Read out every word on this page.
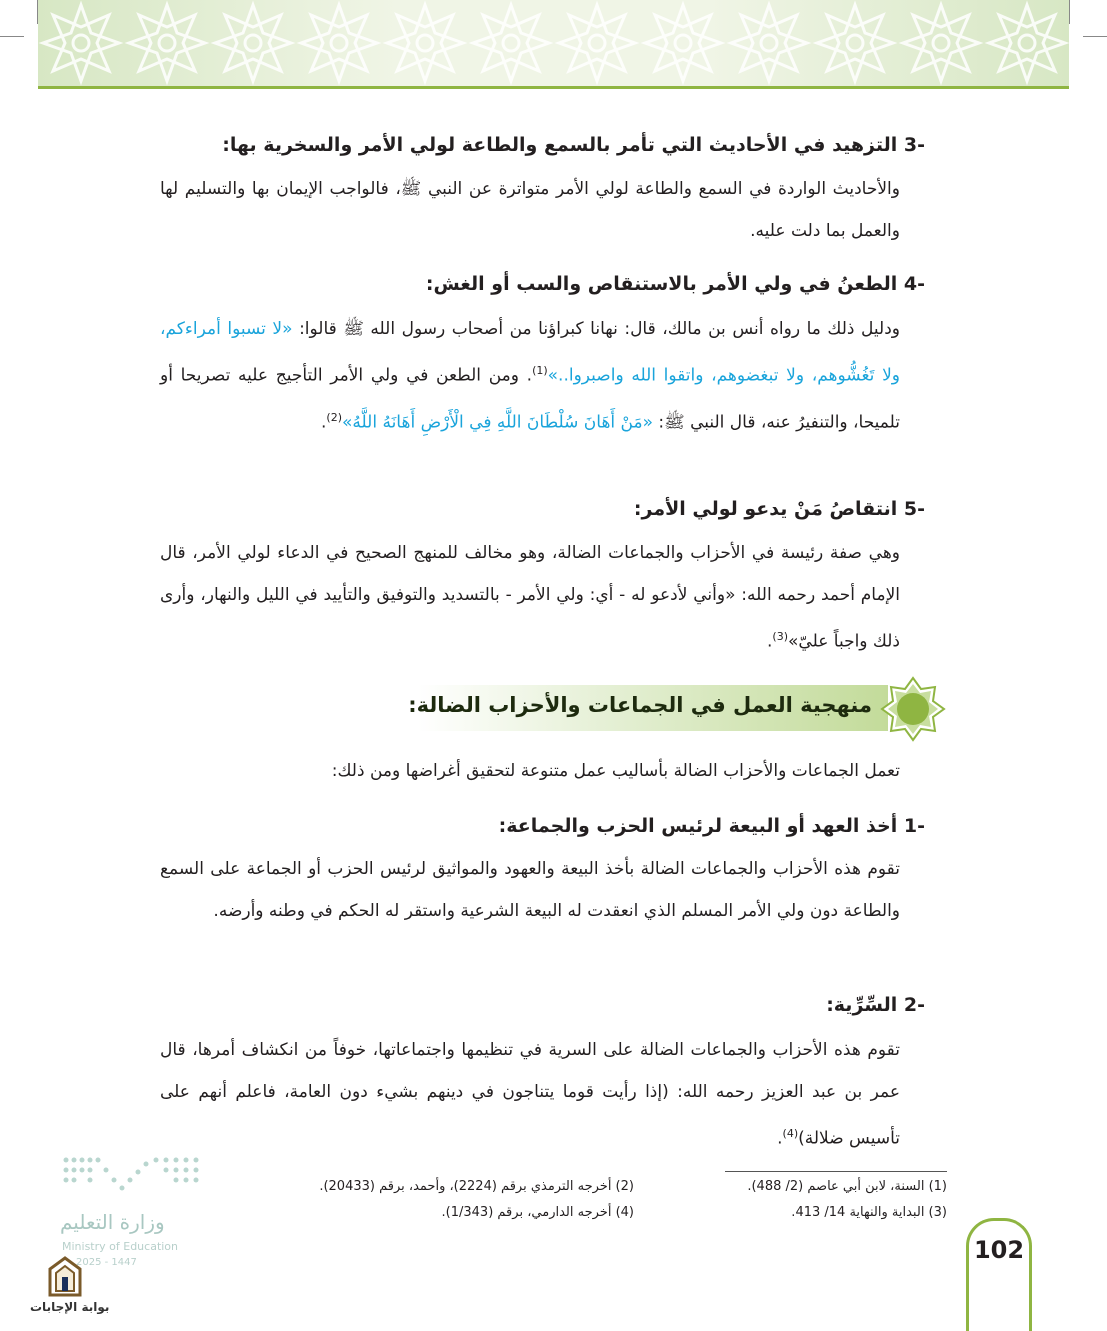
-3 التزهيد في الأحاديث التي تأمر بالسمع والطاعة لولي الأمر والسخرية بها:
والأحاديث الواردة في السمع والطاعة لولي الأمر متواترة عن النبي ﷺ، فالواجب الإيمان بها والتسليم لها والعمل بما دلت عليه.
-4 الطعنُ في ولي الأمر بالاستنقاص والسب أو الغش:
ودليل ذلك ما رواه أنس بن مالك، قال: نهانا كبراؤنا من أصحاب رسول الله ﷺ قالوا: «لا تسبوا أمراءكم، ولا تَغُشُّوهم، ولا تبغضوهم، واتقوا الله واصبروا..»$^{(1)}$. ومن الطعن في ولي الأمر التأجيج عليه تصريحا أو تلميحا، والتنفيرُ عنه، قال النبي ﷺ: «مَنْ أَهَانَ سُلْطَانَ اللَّهِ فِي الْأَرْضِ أَهَانَهُ اللَّهُ»$^{(2)}$.
-5 انتقاصُ مَنْ يدعو لولي الأمر:
وهي صفة رئيسة في الأحزاب والجماعات الضالة، وهو مخالف للمنهج الصحيح في الدعاء لولي الأمر، قال الإمام أحمد رحمه الله: «وأني لأدعو له - أي: ولي الأمر - بالتسديد والتوفيق والتأييد في الليل والنهار، وأرى ذلك واجباً عليّ»$^{(3)}$.
منهجية العمل في الجماعات والأحزاب الضالة:
تعمل الجماعات والأحزاب الضالة بأساليب عمل متنوعة لتحقيق أغراضها ومن ذلك:
-1 أخذ العهد أو البيعة لرئيس الحزب والجماعة:
تقوم هذه الأحزاب والجماعات الضالة بأخذ البيعة والعهود والمواثيق لرئيس الحزب أو الجماعة على السمع والطاعة دون ولي الأمر المسلم الذي انعقدت له البيعة الشرعية واستقر له الحكم في وطنه وأرضه.
-2 السِّرِّية:
تقوم هذه الأحزاب والجماعات الضالة على السرية في تنظيمها واجتماعاتها، خوفاً من انكشاف أمرها، قال عمر بن عبد العزيز رحمه الله: (إذا رأيت قوما يتناجون في دينهم بشيء دون العامة، فاعلم أنهم على تأسيس ضلالة)$^{(4)}$.
(1) السنة، لابن أبي عاصم (2/ 488).
(2) أخرجه الترمذي برقم (2224)، وأحمد، برقم (20433).
(3) البداية والنهاية 14/ 413.
(4) أخرجه الدارمي، برقم (1/343).
102
وزارة التعليم
Ministry of Education
2025 - 1447
بوابة الإجابات
